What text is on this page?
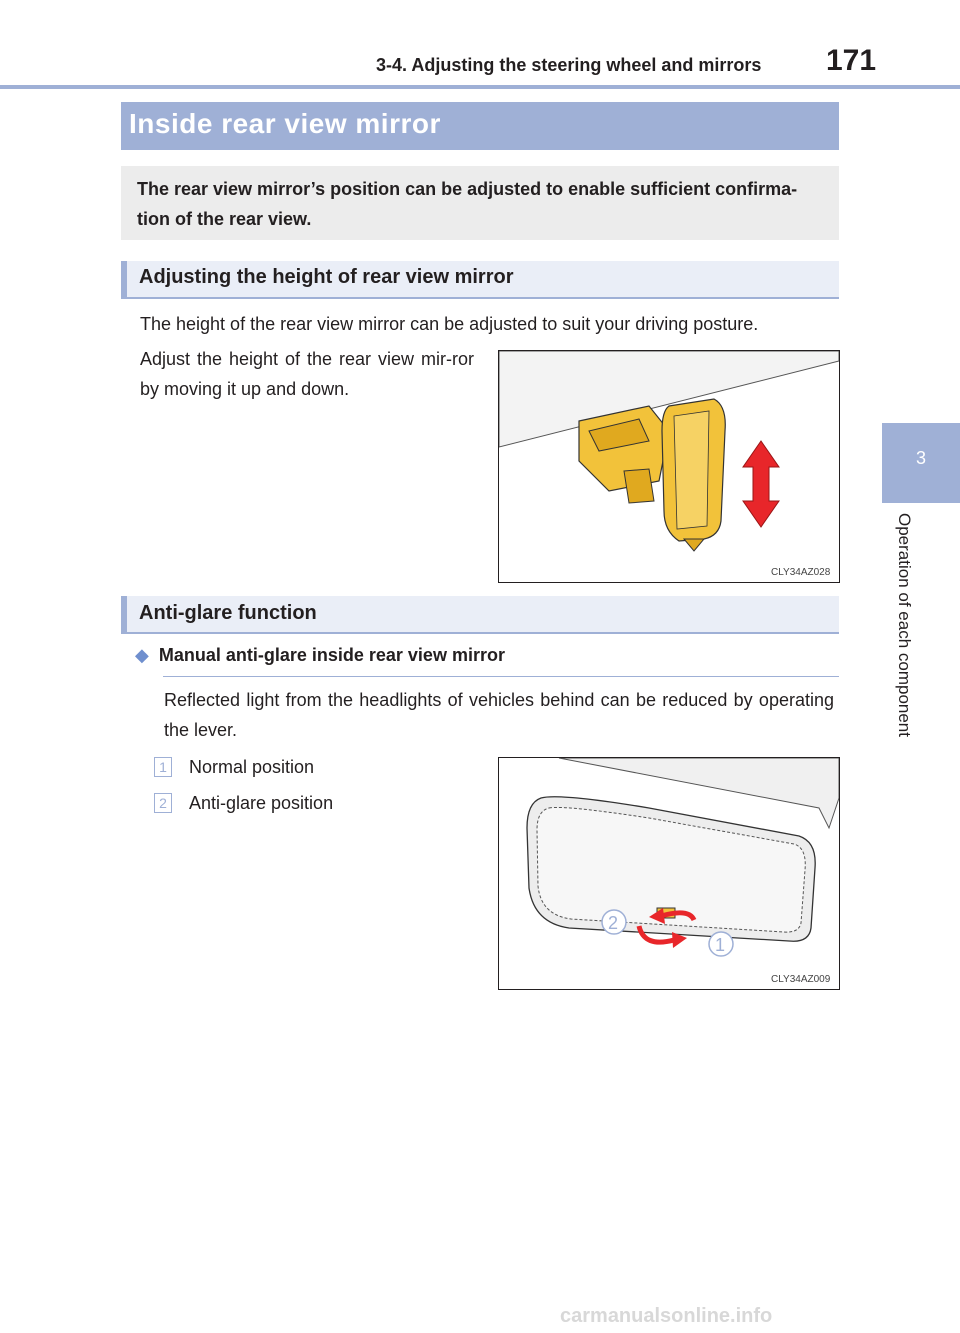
3-4. Adjusting the steering wheel and mirrors 171
3
Operation of each component
Inside rear view mirror
The rear view mirror’s position can be adjusted to enable sufficient confirma-tion of the rear view.
Adjusting the height of rear view mirror
The height of the rear view mirror can be adjusted to suit your driving posture.
Adjust the height of the rear view mir-ror by moving it up and down.
CLY34AZ028
Anti-glare function
◆ Manual anti-glare inside rear view mirror
Reflected light from the headlights of vehicles behind can be reduced by operating the lever.
1 Normal position
2 Anti-glare position
2
1
CLY34AZ009
carmanualsonline.info
